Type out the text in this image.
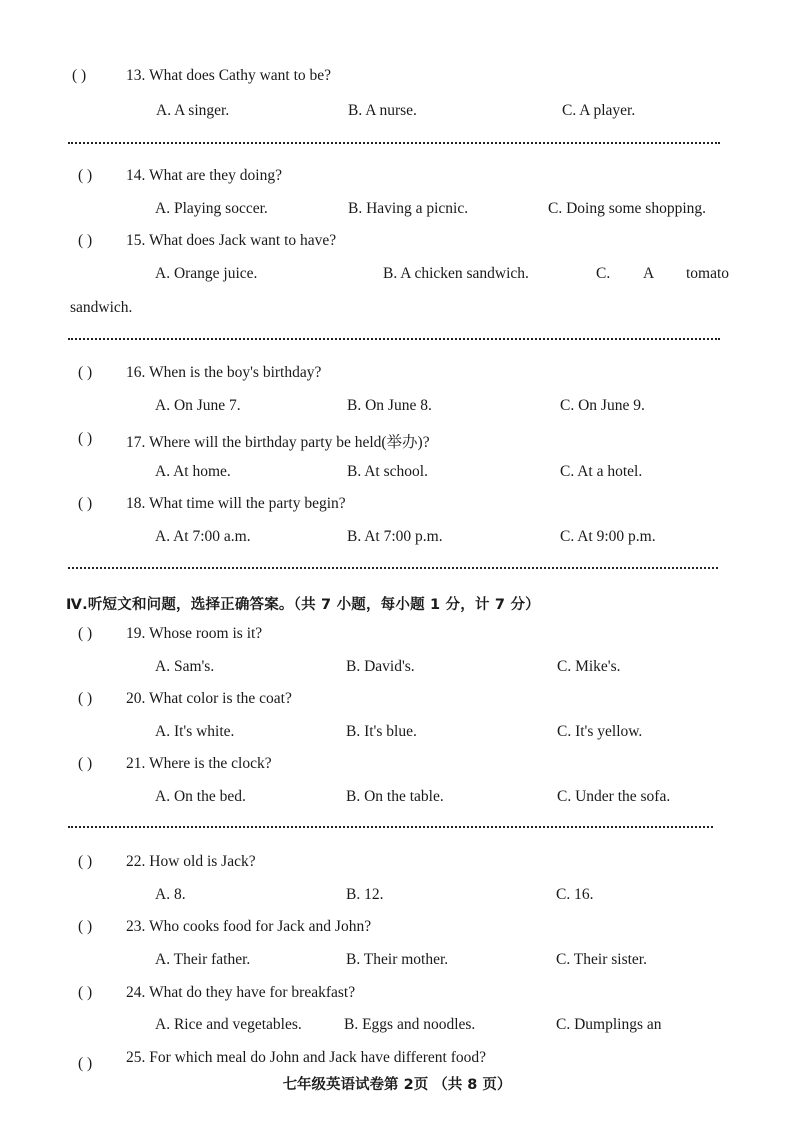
( )	13. What does Cathy want to be?
A. A singer.	B. A nurse.	C. A player.
( ) 14. What are they doing?
A. Playing soccer.	B. Having a picnic.	C. Doing some shopping.
( ) 15. What does Jack want to have?
A. Orange juice.	B. A chicken sandwich.	C. A tomato
sandwich.
( ) 16. When is the boy's birthday?
A. On June 7.	B. On June 8.	C. On June 9.
( ) 17. Where will the birthday party be held(举办)?
A. At home.	B. At school.	C. At a hotel.
( ) 18. What time will the party begin?
A. At 7:00 a.m.	B. At 7:00 p.m.	C. At 9:00 p.m.
Ⅳ.听短文和问题，选择正确答案。（共 7 小题，每小题 1 分，计 7 分）
( ) 19. Whose room is it?
A. Sam's.	B. David's.	C. Mike's.
( ) 20. What color is the coat?
A. It's white.	B. It's blue.	C. It's yellow.
( ) 21. Where is the clock?
A. On the bed.	B. On the table.	C. Under the sofa.
( ) 22. How old is Jack?
A. 8.	B. 12.	C. 16.
( ) 23. Who cooks food for Jack and John?
A. Their father.	B. Their mother.	C. Their sister.
( ) 24. What do they have for breakfast?
A. Rice and vegetables.	B. Eggs and noodles.	C. Dumplings an
( ) 25. For which meal do John and Jack have different food?
七年级英语试卷第 2页 （共 8 页）
